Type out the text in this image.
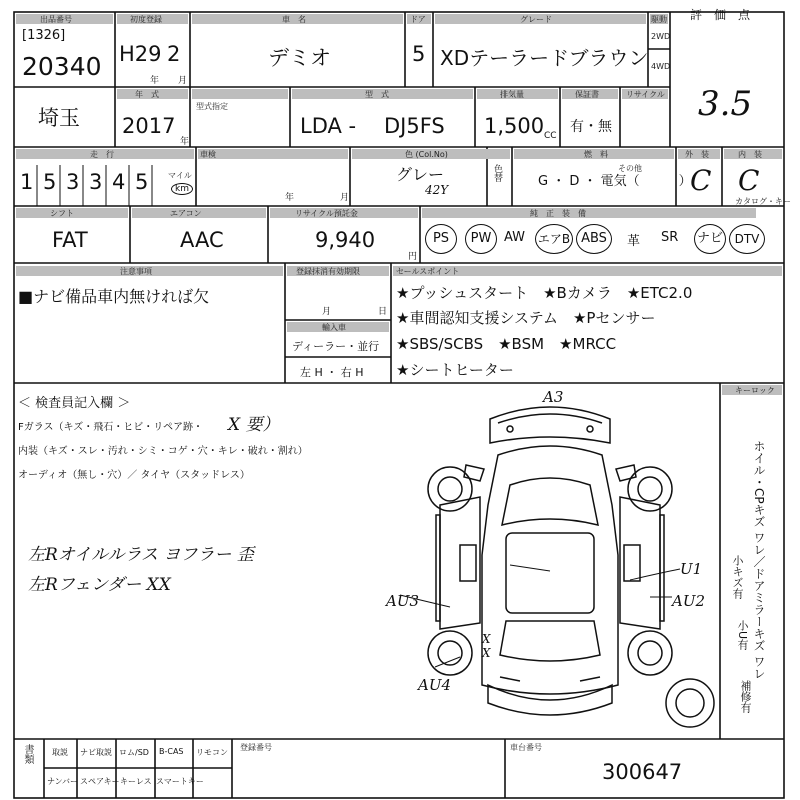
出品番号
[1326]
20340
初度登録
H29 2
年 月
車　名
デミオ
ドア
5
グレード
XDテーラードブラウン
駆動
2WD
4WD
評　価　点
3.5
埼玉
年　式
2017
年
型式指定
型　式
LDA - DJ5FS
排気量
1,500 CC
保証書
有・無
リサイクル
走　行
1 5 3 3 4 5 マイル
km
車検
年	月
色 (Col.No)
グレー
42Y
色替
燃　料
G ・ D ・ 電気（　　　）
その他
外　装
C
内　装
C
シフト
FAT
エアコン
AAC
リサイクル預託金
9,940
円
純　正　装　備
カタログ・キー
PS	PW AW エアB ABS	革 SR ナビ DTV
注意事項
■ナビ備品車内無ければ欠
登録抹消有効期限
月	日
輸入車
ディーラー・並行
左 H ・ 右 H
セールスポイント
★プッシュスタート　★Bカメラ　★ETC2.0
★車間認知支援システム　★Pセンサー
★SBS/SCBS　★BSM　★MRCC
★シートヒーター
＜ 検査員記入欄 ＞
Fガラス（キズ・飛石・ヒビ・リペア跡・ X 要）
内装（キズ・スレ・汚れ・シミ・コゲ・穴・キレ・破れ・割れ）
オーディオ（無し・穴）／ タイヤ（スタッドレス）
左Rオイルルラス ヨフラー 歪
左Rフェンダー XX
A3
U1
AU2
AU3
AU4
X
X
キーロック
ホイル・CPキズ ワレ／ドアミラーキズ ワレ
小キズ有
小U有
補修有
書類 取説 ナビ取説 ロム/SD B-CAS リモコン
ナンバー スペアキー キーレス スマートキー
登録番号	車台番号
300647
